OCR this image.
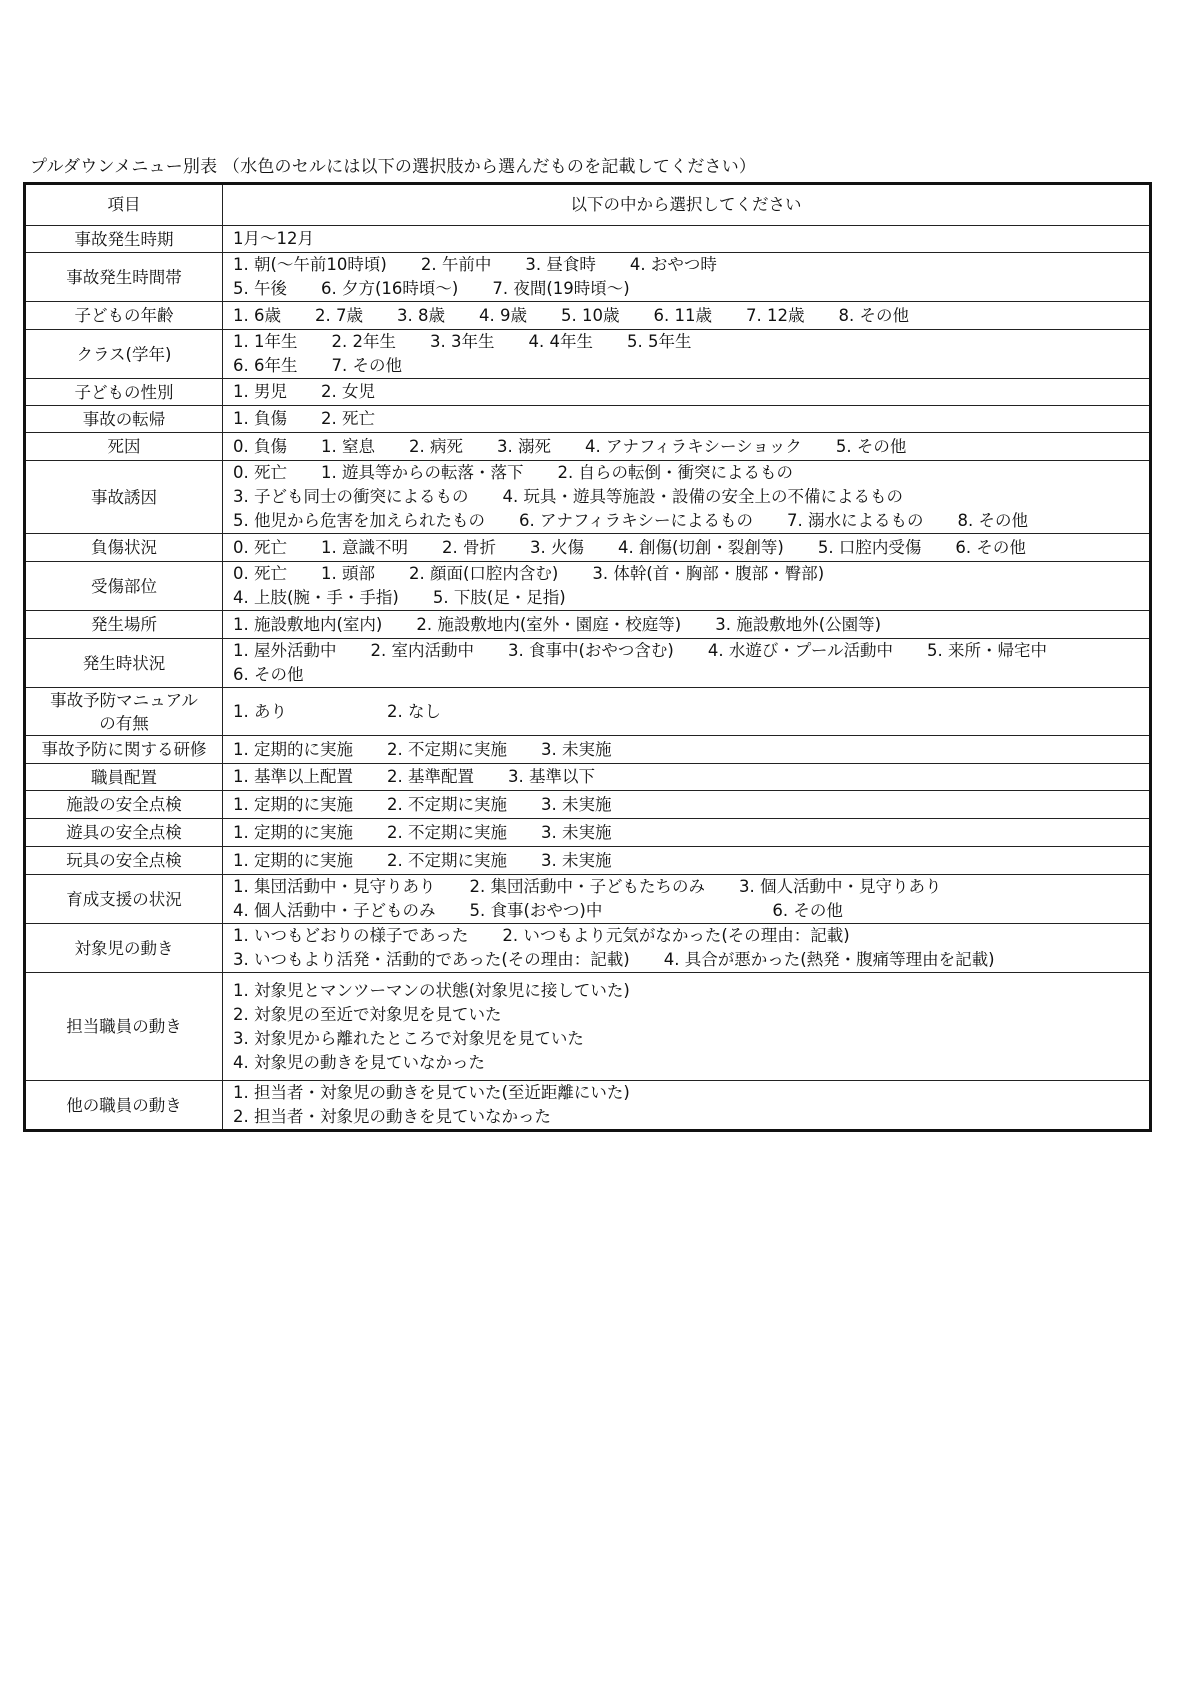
プルダウンメニュー別表 （水色のセルには以下の選択肢から選んだものを記載してください）
項目	以下の中から選択してください
事故発生時期	1月～12月

事故発生時間帯	1. 朝(～午前10時頃) 2. 午前中 3. 昼食時 4. おやつ時
5. 午後 6. 夕方(16時頃～) 7. 夜間(19時頃～)

子どもの年齢	1. 6歳 2. 7歳 3. 8歳 4. 9歳 5. 10歳 6. 11歳 7. 12歳 8. その他

クラス(学年)	1. 1年生 2. 2年生 3. 3年生 4. 4年生 5. 5年生
6. 6年生 7. その他

子どもの性別	1. 男児 2. 女児

事故の転帰	1. 負傷 2. 死亡

死因	0. 負傷 1. 窒息 2. 病死 3. 溺死 4. アナフィラキシーショック 5. その他

事故誘因	0. 死亡 1. 遊具等からの転落・落下 2. 自らの転倒・衝突によるもの
3. 子ども同士の衝突によるもの 4. 玩具・遊具等施設・設備の安全上の不備によるもの
5. 他児から危害を加えられたもの 6. アナフィラキシーによるもの 7. 溺水によるもの 8. その他

負傷状況	0. 死亡 1. 意識不明 2. 骨折 3. 火傷 4. 創傷(切創・裂創等) 5. 口腔内受傷 6. その他

受傷部位	0. 死亡 1. 頭部 2. 顔面(口腔内含む) 3. 体幹(首・胸部・腹部・臀部)
4. 上肢(腕・手・手指) 5. 下肢(足・足指)

発生場所	1. 施設敷地内(室内) 2. 施設敷地内(室外・園庭・校庭等) 3. 施設敷地外(公園等)

発生時状況	1. 屋外活動中 2. 室内活動中 3. 食事中(おやつ含む) 4. 水遊び・プール活動中 5. 来所・帰宅中
6. その他

事故予防マニュアル
の有無	1. あり 2. なし

事故予防に関する研修	1. 定期的に実施 2. 不定期に実施 3. 未実施

職員配置	1. 基準以上配置 2. 基準配置 3. 基準以下

施設の安全点検	1. 定期的に実施 2. 不定期に実施 3. 未実施

遊具の安全点検	1. 定期的に実施 2. 不定期に実施 3. 未実施

玩具の安全点検	1. 定期的に実施 2. 不定期に実施 3. 未実施

育成支援の状況	1. 集団活動中・見守りあり 2. 集団活動中・子どもたちのみ 3. 個人活動中・見守りあり
4. 個人活動中・子どものみ 5. 食事(おやつ)中 6. その他

対象児の動き	1. いつもどおりの様子であった 2. いつもより元気がなかった(その理由：記載)
3. いつもより活発・活動的であった(その理由：記載) 4. 具合が悪かった(熱発・腹痛等理由を記載)

担当職員の動き	1. 対象児とマンツーマンの状態(対象児に接していた)
2. 対象児の至近で対象児を見ていた
3. 対象児から離れたところで対象児を見ていた
4. 対象児の動きを見ていなかった

他の職員の動き	1. 担当者・対象児の動きを見ていた(至近距離にいた)
2. 担当者・対象児の動きを見ていなかった
